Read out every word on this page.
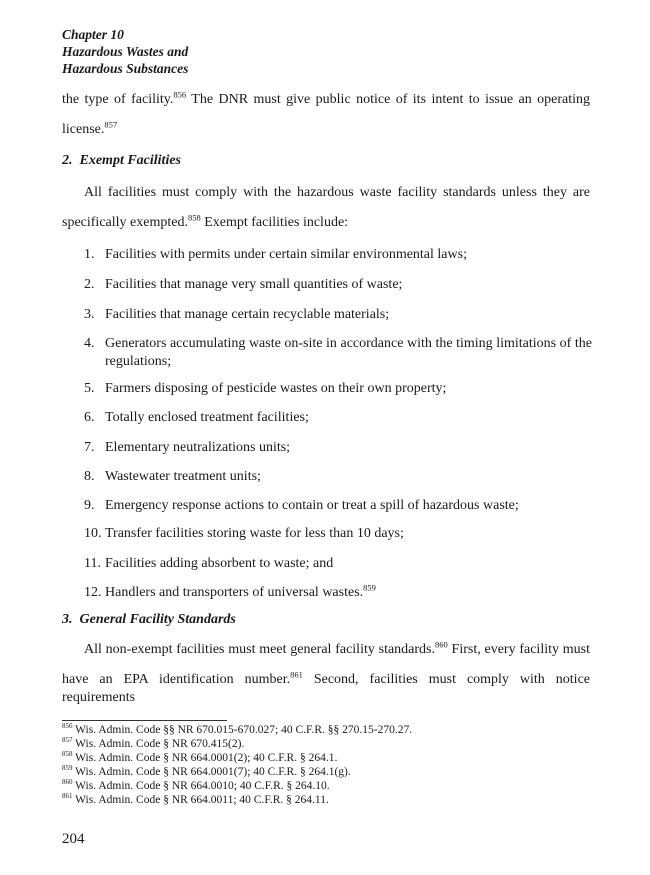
Chapter 10
Hazardous Wastes and
Hazardous Substances
the type of facility.$^{856}$ The DNR must give public notice of its intent to issue an operating
license.$^{857}$
2. Exempt Facilities
All facilities must comply with the hazardous waste facility standards unless they are
specifically exempted.$^{858}$ Exempt facilities include:
1. Facilities with permits under certain similar environmental laws;
2. Facilities that manage very small quantities of waste;
3. Facilities that manage certain recyclable materials;
4. Generators accumulating waste on-site in accordance with the timing limitations of the regulations;
5. Farmers disposing of pesticide wastes on their own property;
6. Totally enclosed treatment facilities;
7. Elementary neutralizations units;
8. Wastewater treatment units;
9. Emergency response actions to contain or treat a spill of hazardous waste;
10. Transfer facilities storing waste for less than 10 days;
11. Facilities adding absorbent to waste; and
12. Handlers and transporters of universal wastes.$^{859}$
3. General Facility Standards
All non-exempt facilities must meet general facility standards.$^{860}$ First, every facility must
have an EPA identification number.$^{861}$ Second, facilities must comply with notice requirements
$^{856}$ Wis. Admin. Code §§ NR 670.015-670.027; 40 C.F.R. §§ 270.15-270.27.
$^{857}$ Wis. Admin. Code § NR 670.415(2).
$^{858}$ Wis. Admin. Code § NR 664.0001(2); 40 C.F.R. § 264.1.
$^{859}$ Wis. Admin. Code § NR 664.0001(7); 40 C.F.R. § 264.1(g).
$^{860}$ Wis. Admin. Code § NR 664.0010; 40 C.F.R. § 264.10.
$^{861}$ Wis. Admin. Code § NR 664.0011; 40 C.F.R. § 264.11.
204
